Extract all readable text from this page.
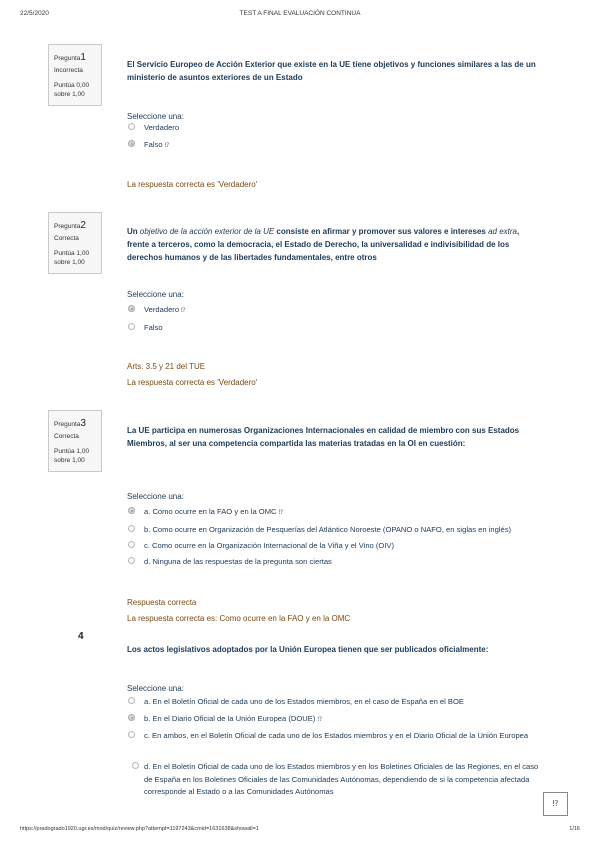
22/5/2020	TEST A FINAL EVALUACIÓN CONTINUA
Pregunta1
Incorrecta
Puntúa 0,00
sobre 1,00
El Servicio Europeo de Acción Exterior que existe en la UE tiene objetivos y funciones similares a las de un ministerio de asuntos exteriores de un Estado
Seleccione una:
Verdadero
Falso ⁉
La respuesta correcta es 'Verdadero'
Pregunta2
Correcta
Puntúa 1,00
sobre 1,00
Un objetivo de la acción exterior de la UE consiste en afirmar y promover sus valores e intereses ad extra, frente a terceros, como la democracia, el Estado de Derecho, la universalidad e indivisibilidad de los derechos humanos y de las libertades fundamentales, entre otros
Seleccione una:
Verdadero ⁉
Falso
Arts. 3.5 y 21 del TUE
La respuesta correcta es 'Verdadero'
Pregunta3
Correcta
Puntúa 1,00
sobre 1,00
La UE participa en numerosas Organizaciones Internacionales en calidad de miembro con sus Estados Miembros, al ser una competencia compartida las materias tratadas en la OI en cuestión:
Seleccione una:
a. Como ocurre en la FAO y en la OMC ⁉
b. Como ocurre en Organización de Pesquerías del Atlántico Noroeste (OPANO o NAFO, en siglas en inglés)
c. Como ocurre en la Organización Internacional de la Viña y el Vino (OIV)
d. Ninguna de las respuestas de la pregunta son ciertas
Respuesta correcta
La respuesta correcta es: Como ocurre en la FAO y en la OMC
4
Los actos legislativos adoptados por la Unión Europea tienen que ser publicados oficialmente:
Seleccione una:
a. En el Boletín Oficial de cada uno de los Estados miembros, en el caso de España en el BOE
b. En el Diario Oficial de la Unión Europea (DOUE) ⁉
c. En ambos, en el Boletín Oficial de cada uno de los Estados miembros y en el Diario Oficial de la Unión Europea
d. En el Boletín Oficial de cada uno de los Estados miembros y en los Boletines Oficiales de las Regiones, en el caso de España en los Boletines Oficiales de las Comunidades Autónomas, dependiendo de si la competencia afectada corresponde al Estado o a las Comunidades Autónomas
⁉
https://pradogrado1920.ugr.es/mod/quiz/review.php?attempt=1197243&cmid=1631638&showall=1	1/16
